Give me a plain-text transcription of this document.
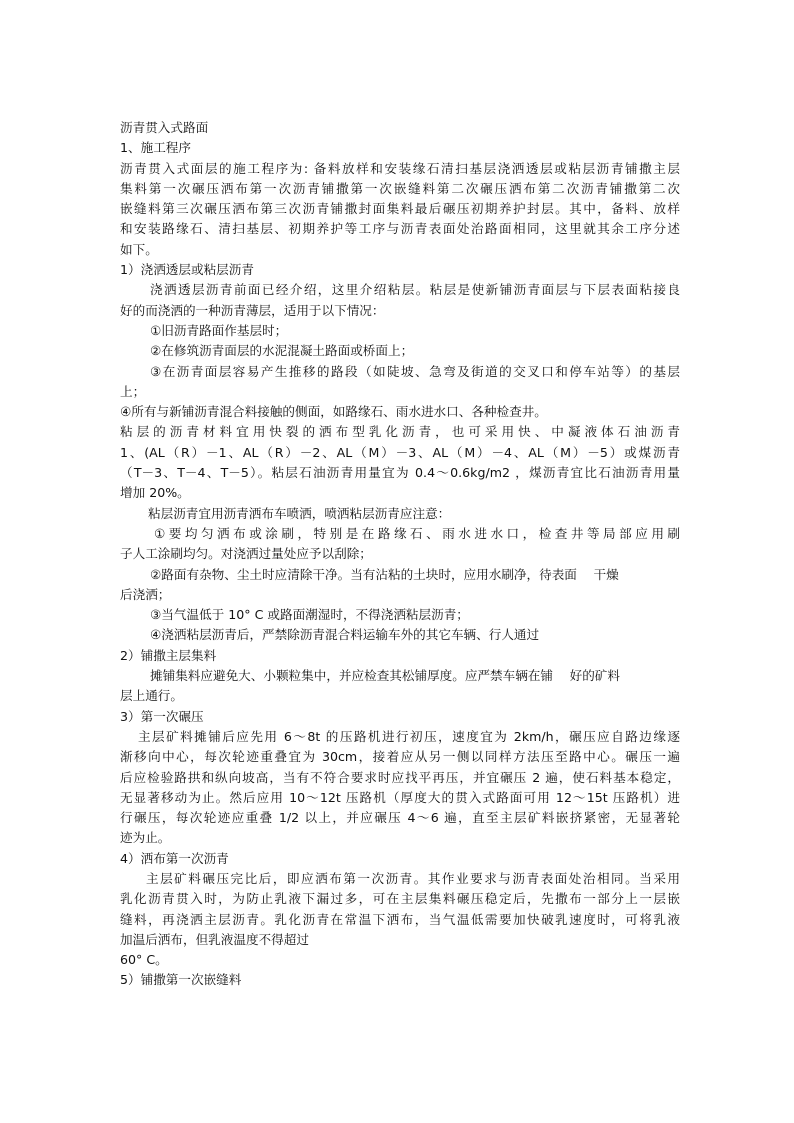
沥青贯入式路面
1、施工程序
沥青贯入式面层的施工程序为: 备料放样和安装缘石清扫基层浇洒透层或粘层沥青铺撒主层
集料第一次碾压洒布第一次沥青铺撒第一次嵌缝料第二次碾压洒布第二次沥青铺撒第二次
嵌缝料第三次碾压洒布第三次沥青铺撒封面集料最后碾压初期养护封层。其中，备料、放样
和安装路缘石、清扫基层、初期养护等工序与沥青表面处治路面相同，这里就其余工序分述
如下。
1）浇洒透层或粘层沥青
浇洒透层沥青前面已经介绍，这里介绍粘层。粘层是使新铺沥青面层与下层表面粘接良
好的而浇洒的一种沥青薄层，适用于以下情况：
①旧沥青路面作基层时；
②在修筑沥青面层的水泥混凝土路面或桥面上；
③在沥青面层容易产生推移的路段（如陡坡、急弯及街道的交叉口和停车站等）的基层
上；
④所有与新铺沥青混合料接触的侧面，如路缘石、雨水进水口、各种检查井。
粘层的沥青材料宜用快裂的洒布型乳化沥青，也可采用快、中凝液体石油沥青
1、(AL（R）－1、AL（R）－2、AL（M）－3、AL（M）－4、AL（M）－5）或煤沥青
（T－3、T－4、T－5）。粘层石油沥青用量宜为 0.4～0.6kg/m2 ，煤沥青宜比石油沥青用量
增加 20%。
粘层沥青宜用沥青洒布车喷洒，喷洒粘层沥青应注意：
①要均匀洒布或涂刷，特别是在路缘石、雨水进水口，检查井等局部应用刷
子人工涂刷均匀。对浇洒过量处应予以刮除；
②路面有杂物、尘土时应清除干净。当有沾粘的土块时，应用水刷净，待表面　 干燥
后浇洒；
③当气温低于 10° C 或路面潮湿时，不得浇洒粘层沥青；
④浇洒粘层沥青后，严禁除沥青混合料运输车外的其它车辆、行人通过
2）铺撒主层集料
摊铺集料应避免大、小颗粒集中，并应检查其松铺厚度。应严禁车辆在铺　 好的矿料
层上通行。
3）第一次碾压
主层矿料摊铺后应先用 6～8t 的压路机进行初压，速度宜为 2km/h，碾压应自路边缘逐
渐移向中心，每次轮迹重叠宜为 30cm，接着应从另一侧以同样方法压至路中心。碾压一遍
后应检验路拱和纵向坡高，当有不符合要求时应找平再压，并宜碾压 2 遍，使石料基本稳定，
无显著移动为止。然后应用 10～12t 压路机（厚度大的贯入式路面可用 12～15t 压路机）进
行碾压，每次轮迹应重叠 1/2 以上，并应碾压 4～6 遍，直至主层矿料嵌挤紧密，无显著轮
迹为止。
4）洒布第一次沥青
主层矿料碾压完比后，即应洒布第一次沥青。其作业要求与沥青表面处治相同。当采用
乳化沥青贯入时，为防止乳液下漏过多，可在主层集料碾压稳定后，先撒布一部分上一层嵌
缝料，再浇洒主层沥青。乳化沥青在常温下洒布，当气温低需要加快破乳速度时，可将乳液
加温后洒布，但乳液温度不得超过
60° C。
5）铺撒第一次嵌缝料
